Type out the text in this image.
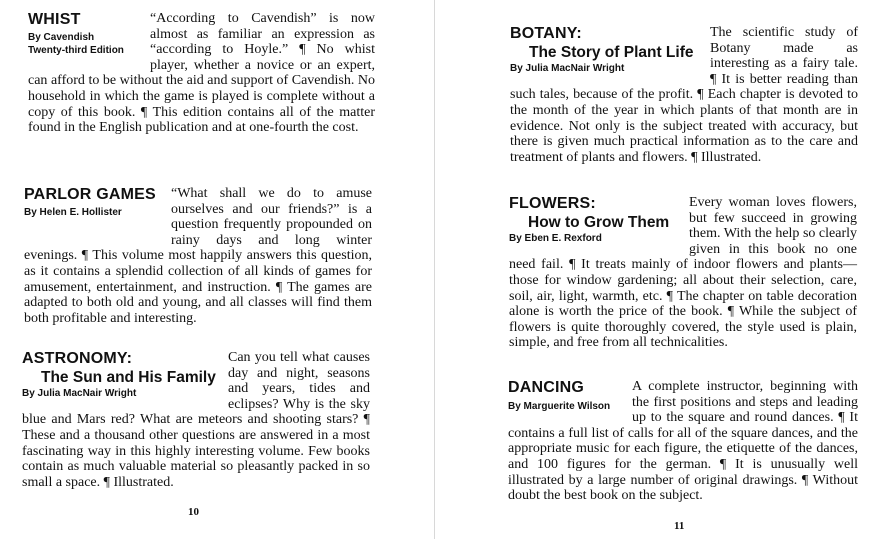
WHIST
By Cavendish
Twenty-third Edition

“According to Cavendish” is now almost as familiar an expression as “according to Hoyle.” ¶ No whist player, whether a novice or an expert, can afford to be without the aid and support of Cavendish. No household in which the game is played is complete without a copy of this book. ¶ This edition contains all of the matter found in the English publication and at one-fourth the cost.

PARLOR GAMES
By Helen E. Hollister

“What shall we do to amuse ourselves and our friends?” is a question frequently propounded on rainy days and long winter evenings. ¶ This volume most happily answers this question, as it contains a splendid collection of all kinds of games for amusement, entertainment, and instruction. ¶ The games are adapted to both old and young, and all classes will find them both profitable and interesting.

ASTRONOMY:
The Sun and His Family
By Julia MacNair Wright

Can you tell what causes day and night, seasons and years, tides and eclipses? Why is the sky blue and Mars red? What are meteors and shooting stars? ¶ These and a thousand other questions are answered in a most fascinating way in this highly interesting volume. Few books contain as much valuable material so pleasantly packed in so small a space. ¶ Illustrated.

10
BOTANY:
The Story of Plant Life
By Julia MacNair Wright

The scientific study of Botany made as interesting as a fairy tale. ¶ It is better reading than such tales, because of the profit. ¶ Each chapter is devoted to the month of the year in which plants of that month are in evidence. Not only is the subject treated with accuracy, but there is given much practical information as to the care and treatment of plants and flowers. ¶ Illustrated.

FLOWERS:
How to Grow Them
By Eben E. Rexford

Every woman loves flowers, but few succeed in growing them. With the help so clearly given in this book no one need fail. ¶ It treats mainly of indoor flowers and plants—those for window gardening; all about their selection, care, soil, air, light, warmth, etc. ¶ The chapter on table decoration alone is worth the price of the book. ¶ While the subject of flowers is quite thoroughly covered, the style used is plain, simple, and free from all technicalities.

DANCING
By Marguerite Wilson

A complete instructor, beginning with the first positions and steps and leading up to the square and round dances. ¶ It contains a full list of calls for all of the square dances, and the appropriate music for each figure, the etiquette of the dances, and 100 figures for the german. ¶ It is unusually well illustrated by a large number of original drawings. ¶ Without doubt the best book on the subject.

11
